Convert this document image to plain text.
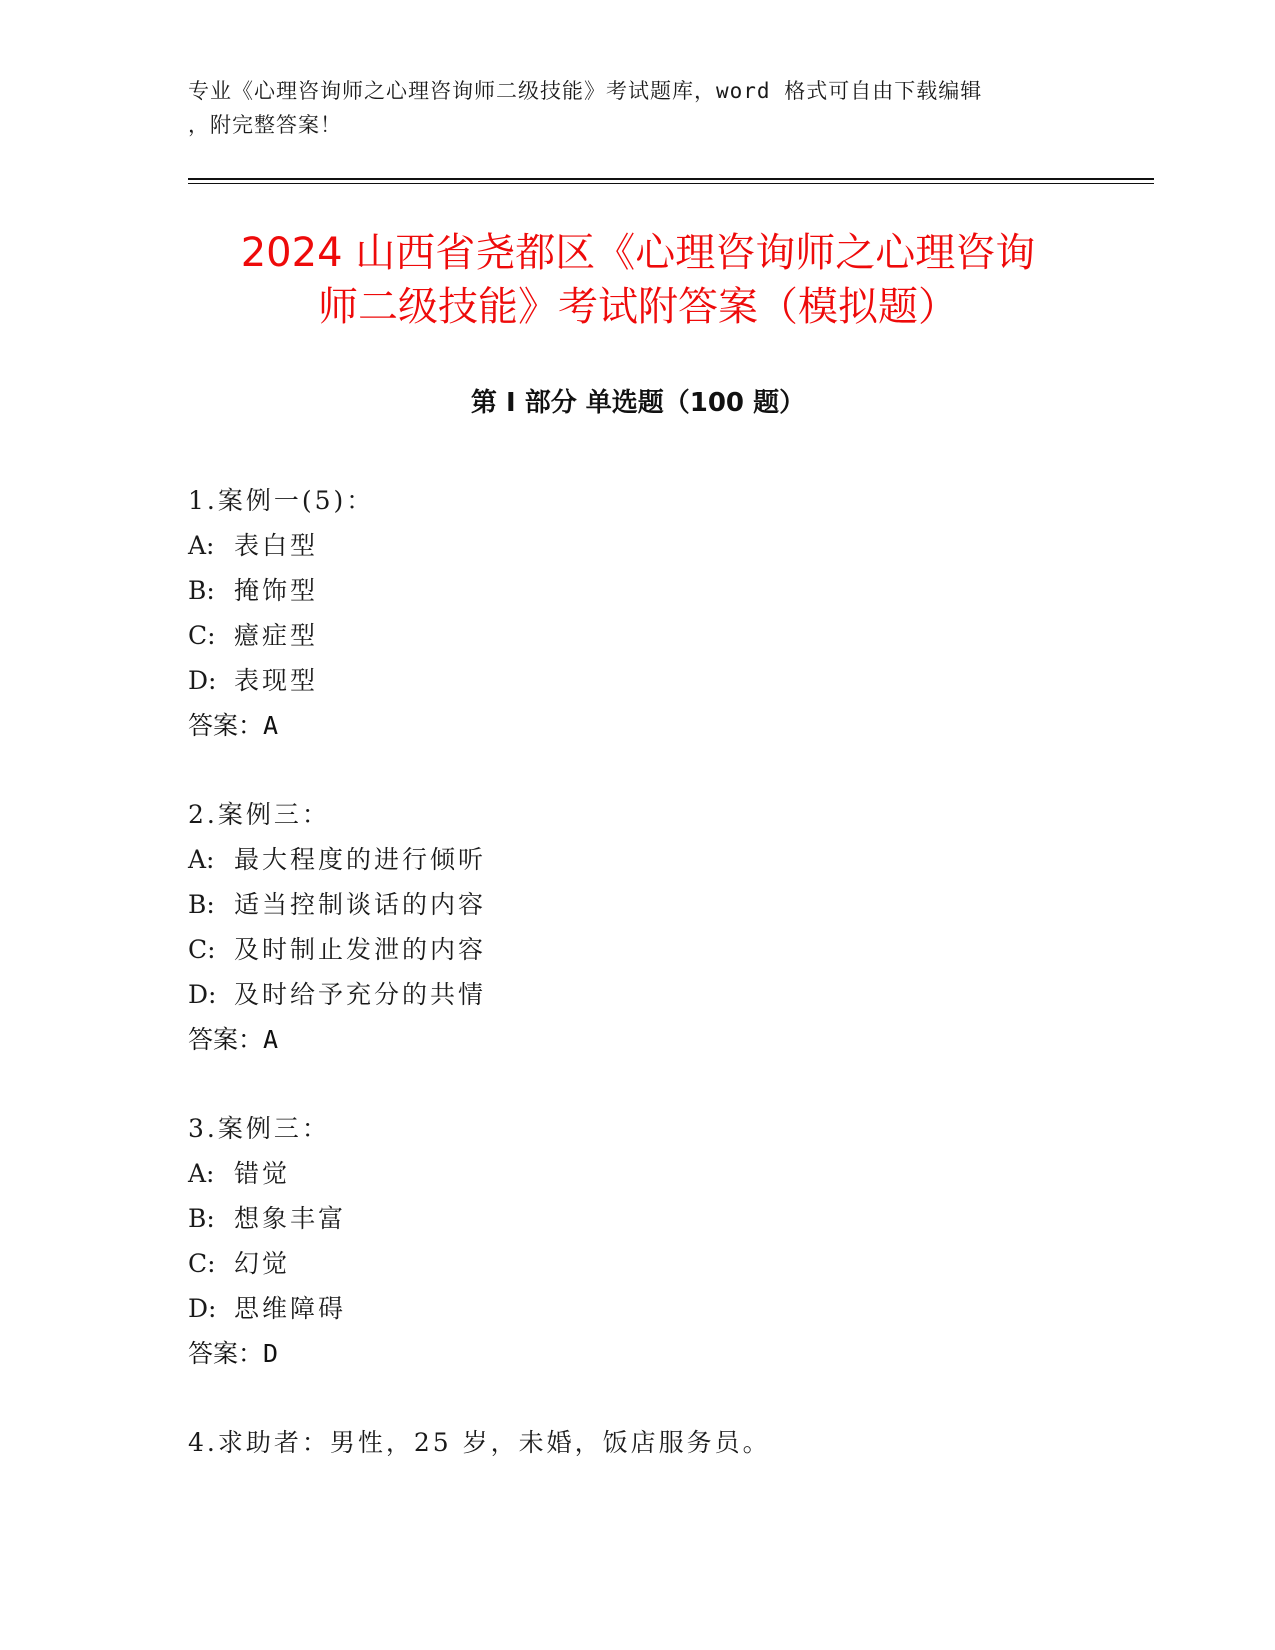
专业《心理咨询师之心理咨询师二级技能》考试题库，word 格式可自由下载编辑
，附完整答案！
2024 山西省尧都区《心理咨询师之心理咨询
师二级技能》考试附答案（模拟题）
第 I 部分 单选题（100 题）
1.案例一(5)：
A: 表白型
B: 掩饰型
C: 癔症型
D: 表现型
答案：A
2.案例三：
A: 最大程度的进行倾听
B: 适当控制谈话的内容
C: 及时制止发泄的内容
D: 及时给予充分的共情
答案：A
3.案例三：
A: 错觉
B: 想象丰富
C: 幻觉
D: 思维障碍
答案：D
4.求助者：男性，25 岁，未婚，饭店服务员。
